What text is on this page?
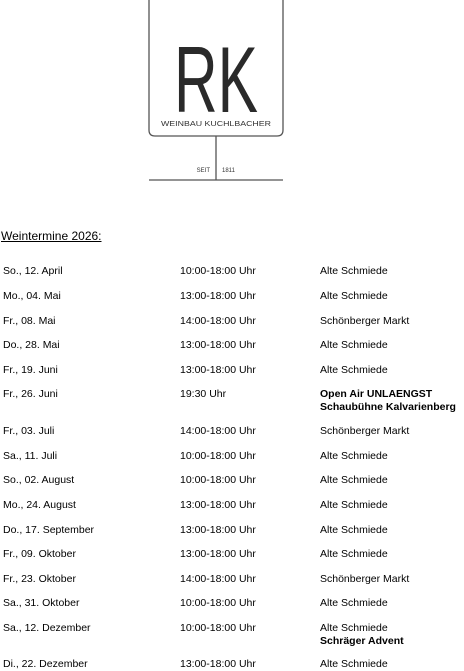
RK
WEINBAU KUCHLBACHER
SEIT 1811
Weintermine 2026:
So., 12. April	10:00-18:00 Uhr	Alte Schmiede
Mo., 04. Mai	13:00-18:00 Uhr	Alte Schmiede
Fr., 08. Mai	14:00-18:00 Uhr	Schönberger Markt
Do., 28. Mai	13:00-18:00 Uhr	Alte Schmiede
Fr., 19. Juni	13:00-18:00 Uhr	Alte Schmiede
Fr., 26. Juni	19:30 Uhr	Open Air UNLAENGST
Schaubühne Kalvarienberg
Fr., 03. Juli	14:00-18:00 Uhr	Schönberger Markt
Sa., 11. Juli	10:00-18:00 Uhr	Alte Schmiede
So., 02. August	10:00-18:00 Uhr	Alte Schmiede
Mo., 24. August	13:00-18:00 Uhr	Alte Schmiede
Do., 17. September	13:00-18:00 Uhr	Alte Schmiede
Fr., 09. Oktober	13:00-18:00 Uhr	Alte Schmiede
Fr., 23. Oktober	14:00-18:00 Uhr	Schönberger Markt
Sa., 31. Oktober	10:00-18:00 Uhr	Alte Schmiede
Sa., 12. Dezember	10:00-18:00 Uhr	Alte Schmiede
Schräger Advent
Di., 22. Dezember	13:00-18:00 Uhr	Alte Schmiede
